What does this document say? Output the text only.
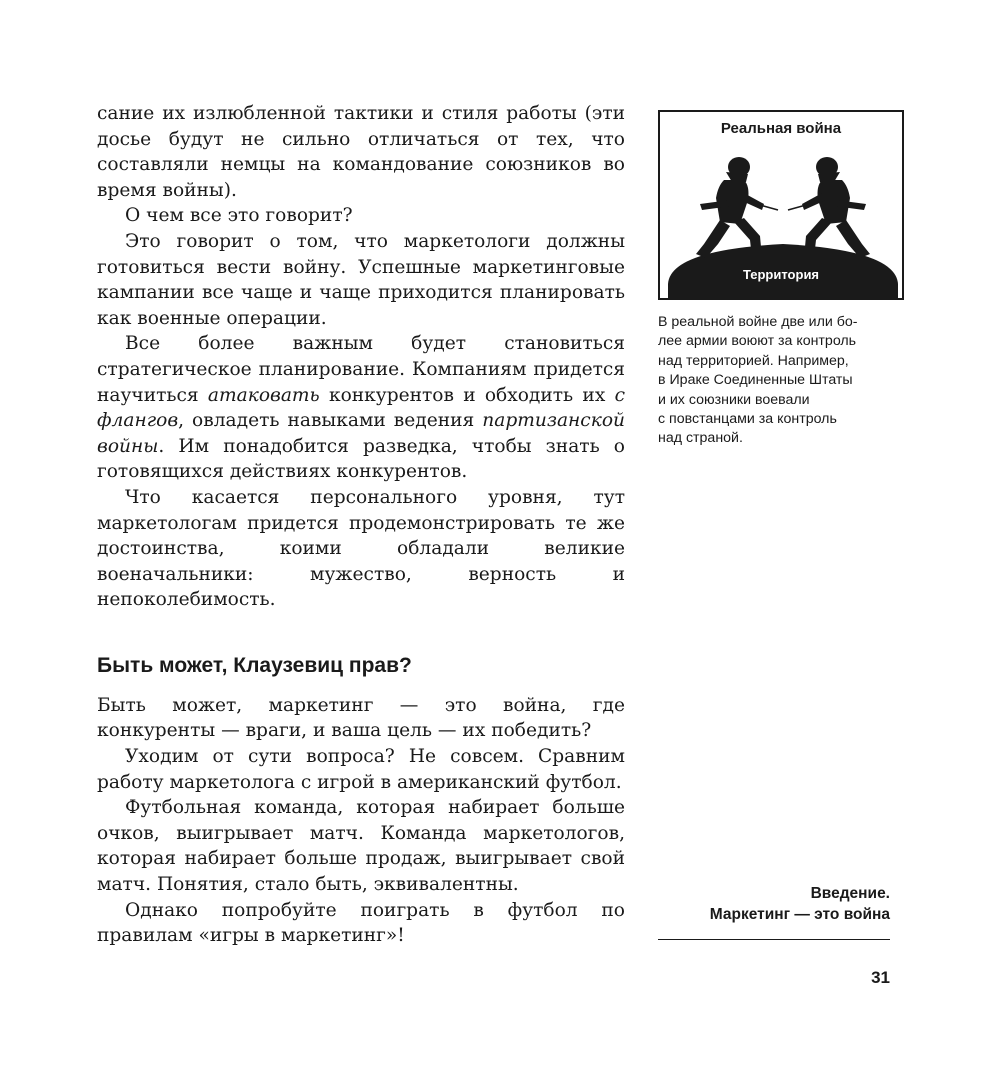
сание их излюбленной тактики и стиля работы (эти досье будут не сильно отличаться от тех, что составляли немцы на командование союзников во время войны).

О чем все это говорит?

Это говорит о том, что маркетологи должны готовиться вести войну. Успешные маркетинговые кампании все чаще и чаще приходится планировать как военные операции.

Все более важным будет становиться стратегическое планирование. Компаниям придется научиться атаковать конкурентов и обходить их с флангов, овладеть навыками ведения партизанской войны. Им понадобится разведка, чтобы знать о готовящихся действиях конкурентов.

Что касается персонального уровня, тут маркетологам придется продемонстрировать те же достоинства, коими обладали великие военачальники: мужество, верность и непоколебимость.

Быть может, Клаузевиц прав?

Быть может, маркетинг — это война, где конкуренты — враги, и ваша цель — их победить?

Уходим от сути вопроса? Не совсем. Сравним работу маркетолога с игрой в американский футбол.

Футбольная команда, которая набирает больше очков, выигрывает матч. Команда маркетологов, которая набирает больше продаж, выигрывает свой матч. Понятия, стало быть, эквивалентны.

Однако попробуйте поиграть в футбол по правилам «игры в маркетинг»!

Реальная война
Территория
В реальной войне две или бо-
лее армии воюют за контроль
над территорией. Например,
в Ираке Соединенные Штаты
и их союзники воевали
с повстанцами за контроль
над страной.
Введение.
Маркетинг — это война
31
